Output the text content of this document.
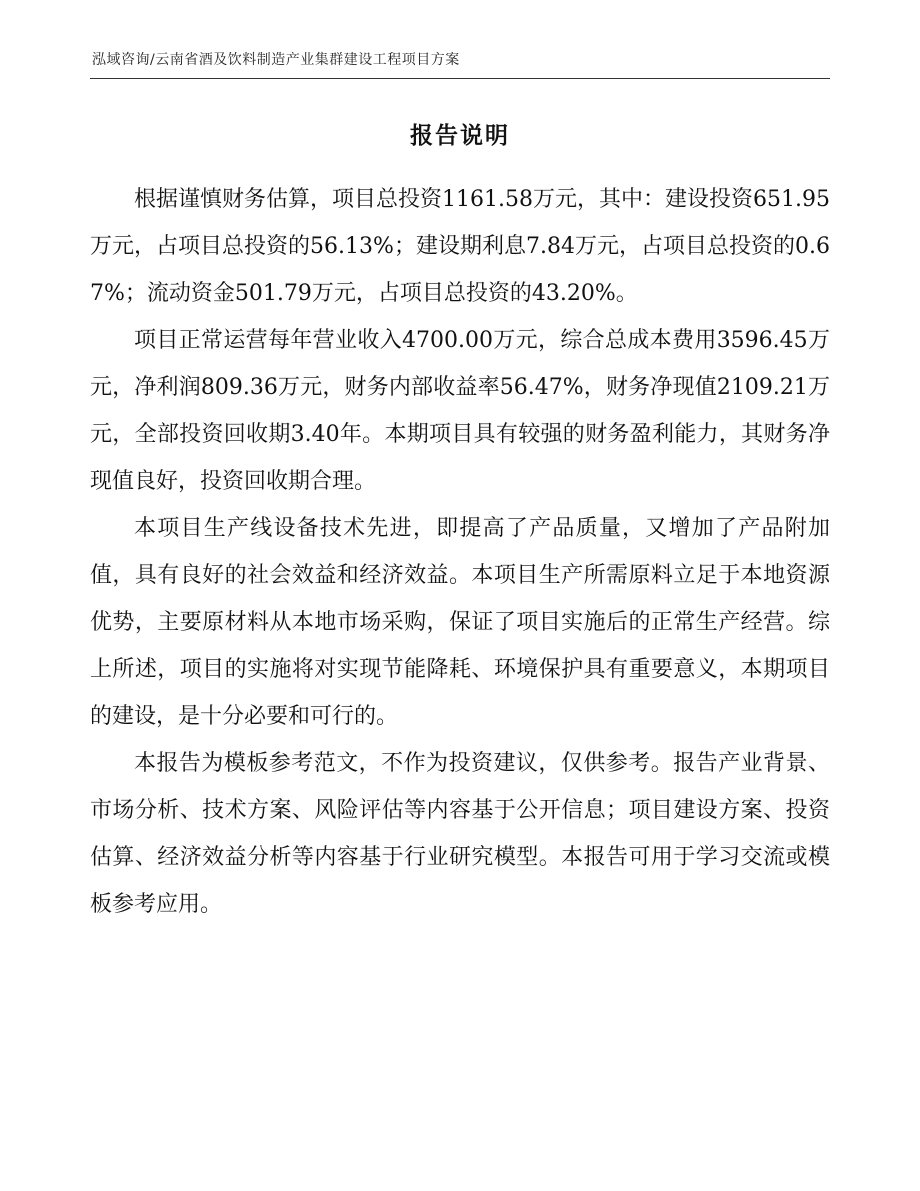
泓域咨询/云南省酒及饮料制造产业集群建设工程项目方案
报告说明

根据谨慎财务估算，项目总投资1161.58万元，其中：建设投资651.95万元，占项目总投资的56.13%；建设期利息7.84万元，占项目总投资的0.67%；流动资金501.79万元，占项目总投资的43.20%。

项目正常运营每年营业收入4700.00万元，综合总成本费用3596.45万元，净利润809.36万元，财务内部收益率56.47%，财务净现值2109.21万元，全部投资回收期3.40年。本期项目具有较强的财务盈利能力，其财务净现值良好，投资回收期合理。

本项目生产线设备技术先进，即提高了产品质量，又增加了产品附加值，具有良好的社会效益和经济效益。本项目生产所需原料立足于本地资源优势，主要原材料从本地市场采购，保证了项目实施后的正常生产经营。综上所述，项目的实施将对实现节能降耗、环境保护具有重要意义，本期项目的建设，是十分必要和可行的。

本报告为模板参考范文，不作为投资建议，仅供参考。报告产业背景、市场分析、技术方案、风险评估等内容基于公开信息；项目建设方案、投资估算、经济效益分析等内容基于行业研究模型。本报告可用于学习交流或模板参考应用。
